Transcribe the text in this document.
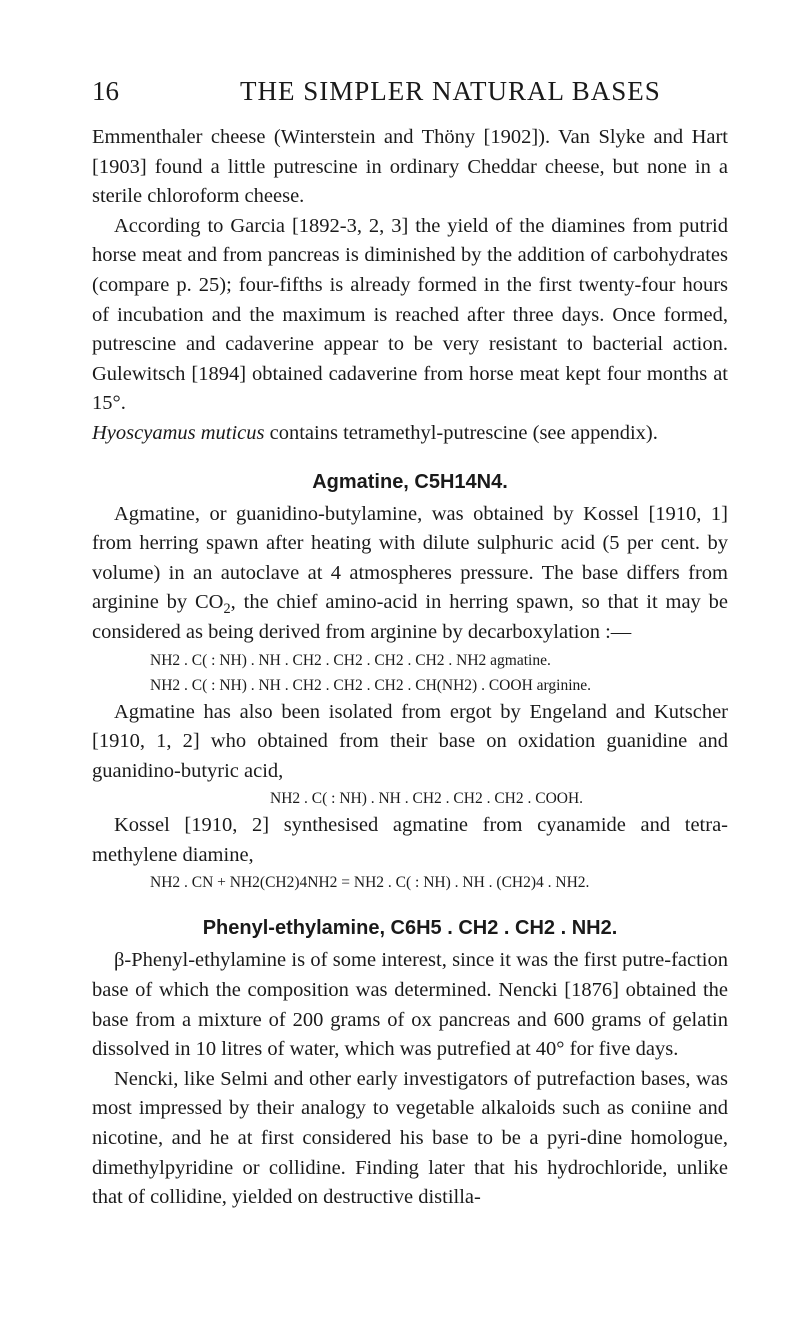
16	THE SIMPLER NATURAL BASES

Emmenthaler cheese (Winterstein and Thöny [1902]). Van Slyke and Hart [1903] found a little putrescine in ordinary Cheddar cheese, but none in a sterile chloroform cheese.

According to Garcia [1892-3, 2, 3] the yield of the diamines from putrid horse meat and from pancreas is diminished by the addition of carbohydrates (compare p. 25); four-fifths is already formed in the first twenty-four hours of incubation and the maximum is reached after three days. Once formed, putrescine and cadaverine appear to be very resistant to bacterial action. Gulewitsch [1894] obtained cadaverine from horse meat kept four months at 15°.

Hyoscyamus muticus contains tetramethyl-putrescine (see appendix).

Agmatine, C5H14N4.

Agmatine, or guanidino-butylamine, was obtained by Kossel [1910, 1] from herring spawn after heating with dilute sulphuric acid (5 per cent. by volume) in an autoclave at 4 atmospheres pressure. The base differs from arginine by $CO_2$, the chief amino-acid in herring spawn, so that it may be considered as being derived from arginine by decarboxylation :—

NH2 . C( : NH) . NH . CH2 . CH2 . CH2 . CH2 . NH2 agmatine.
NH2 . C( : NH) . NH . CH2 . CH2 . CH2 . CH(NH2) . COOH arginine.

Agmatine has also been isolated from ergot by Engeland and Kutscher [1910, 1, 2] who obtained from their base on oxidation guanidine and guanidino-butyric acid,

NH2 . C( : NH) . NH . CH2 . CH2 . CH2 . COOH.

Kossel [1910, 2] synthesised agmatine from cyanamide and tetra-methylene diamine,

NH2 . CN + NH2(CH2)4NH2 = NH2 . C( : NH) . NH . (CH2)4 . NH2.
Phenyl-ethylamine, C6H5 . CH2 . CH2 . NH2.

β-Phenyl-ethylamine is of some interest, since it was the first putre-faction base of which the composition was determined. Nencki [1876] obtained the base from a mixture of 200 grams of ox pancreas and 600 grams of gelatin dissolved in 10 litres of water, which was putrefied at 40° for five days.

Nencki, like Selmi and other early investigators of putrefaction bases, was most impressed by their analogy to vegetable alkaloids such as coniine and nicotine, and he at first considered his base to be a pyri-dine homologue, dimethylpyridine or collidine. Finding later that his hydrochloride, unlike that of collidine, yielded on destructive distilla-
